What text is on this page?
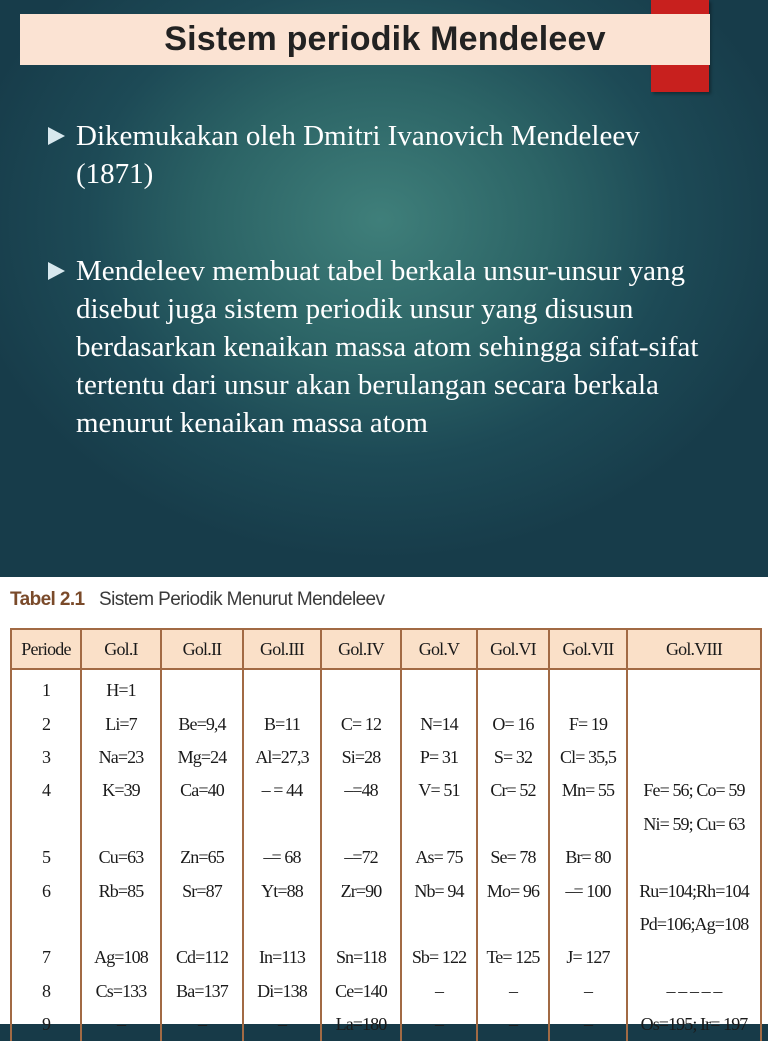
Sistem periodik Mendeleev
Dikemukakan oleh Dmitri Ivanovich Mendeleev (1871)
Mendeleev membuat tabel berkala unsur-unsur yang disebut juga sistem periodik unsur yang disusun berdasarkan kenaikan massa atom sehingga sifat-sifat tertentu dari unsur akan berulangan secara berkala menurut kenaikan massa atom
Tabel 2.1 Sistem Periodik Menurut Mendeleev
Periode	Gol.I	Gol.II	Gol.III	Gol.IV	Gol.V	Gol.VI	Gol.VII	Gol.VIII
1	H=1							
2	Li=7	Be=9,4	B=11	C= 12	N=14	O= 16	F= 19	
3	Na=23	Mg=24	Al=27,3	Si=28	P= 31	S= 32	Cl= 35,5	
4	K=39	Ca=40	– = 44	–=48	V= 51	Cr= 52	Mn= 55	Fe= 56; Co= 59
								Ni= 59; Cu= 63
5	Cu=63	Zn=65	–= 68	–=72	As= 75	Se= 78	Br= 80	
6	Rb=85	Sr=87	Yt=88	Zr=90	Nb= 94	Mo= 96	–= 100	Ru=104;Rh=104
								Pd=106;Ag=108
7	Ag=108	Cd=112	In=113	Sn=118	Sb= 122	Te= 125	J= 127	
8	Cs=133	Ba=137	Di=138	Ce=140	–	–	–	– – – – –
9	–	–	–	La=180	–	–	–	Os=195; Ir= 197
